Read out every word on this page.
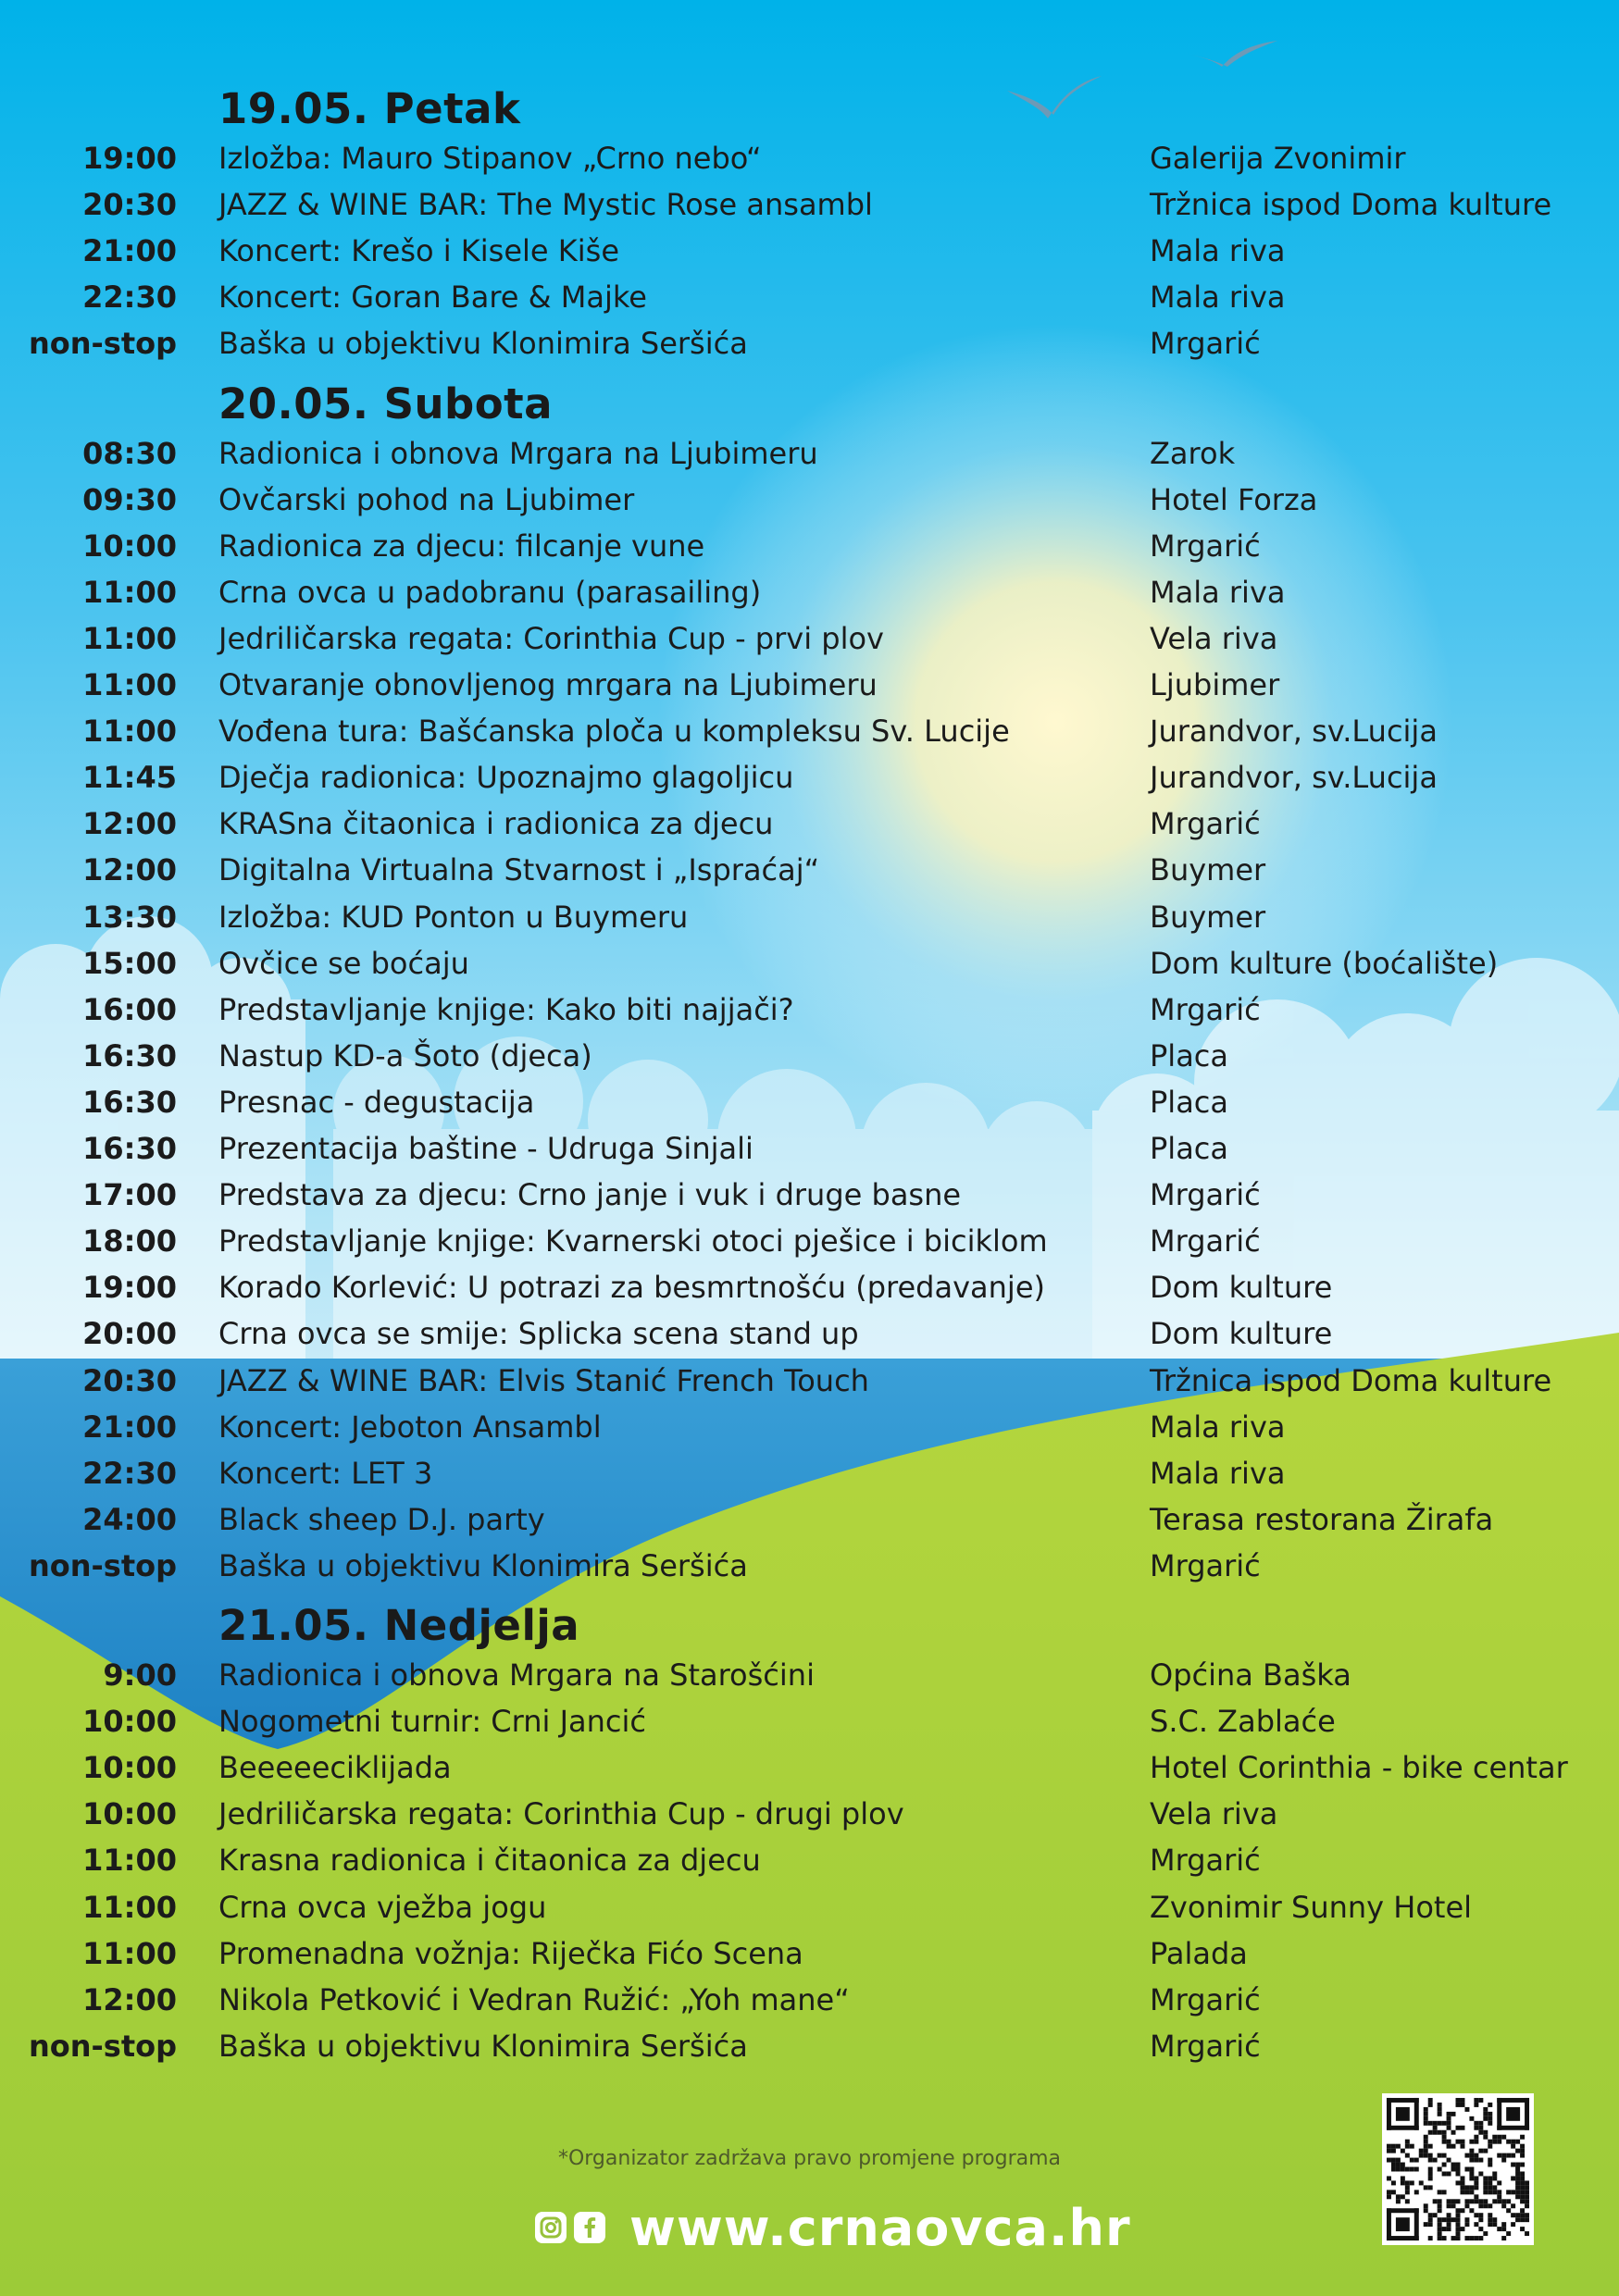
19.05. Petak
19:00 Izložba: Mauro Stipanov „Crno nebo“	Galerija Zvonimir
20:30 JAZZ & WINE BAR: The Mystic Rose ansambl	Tržnica ispod Doma kulture
21:00 Koncert: Krešo i Kisele Kiše	Mala riva
22:30 Koncert: Goran Bare & Majke	Mala riva
non-stop Baška u objektivu Klonimira Seršića	Mrgarić
20.05. Subota
08:30 Radionica i obnova Mrgara na Ljubimeru	Zarok
09:30 Ovčarski pohod na Ljubimer	Hotel Forza
10:00 Radionica za djecu: filcanje vune	Mrgarić
11:00 Crna ovca u padobranu (parasailing)	Mala riva
11:00 Jedriličarska regata: Corinthia Cup - prvi plov	Vela riva
11:00 Otvaranje obnovljenog mrgara na Ljubimeru	Ljubimer
11:00 Vođena tura: Bašćanska ploča u kompleksu Sv. Lucije	Jurandvor, sv.Lucija
11:45 Dječja radionica: Upoznajmo glagoljicu	Jurandvor, sv.Lucija
12:00 KRASna čitaonica i radionica za djecu	Mrgarić
12:00 Digitalna Virtualna Stvarnost i „Ispraćaj“	Buymer
13:30 Izložba: KUD Ponton u Buymeru	Buymer
15:00 Ovčice se boćaju	Dom kulture (boćalište)
16:00 Predstavljanje knjige: Kako biti najjači?	Mrgarić
16:30 Nastup KD-a Šoto (djeca)	Placa
16:30 Presnac - degustacija	Placa
16:30 Prezentacija baštine - Udruga Sinjali	Placa
17:00 Predstava za djecu: Crno janje i vuk i druge basne	Mrgarić
18:00 Predstavljanje knjige: Kvarnerski otoci pješice i biciklom	Mrgarić
19:00 Korado Korlević: U potrazi za besmrtnošću (predavanje)	Dom kulture
20:00 Crna ovca se smije: Splicka scena stand up	Dom kulture
20:30 JAZZ & WINE BAR: Elvis Stanić French Touch	Tržnica ispod Doma kulture
21:00 Koncert: Jeboton Ansambl	Mala riva
22:30 Koncert: LET 3	Mala riva
24:00 Black sheep D.J. party	Terasa restorana Žirafa
non-stop Baška u objektivu Klonimira Seršića	Mrgarić
21.05. Nedjelja
9:00 Radionica i obnova Mrgara na Starošćini	Općina Baška
10:00 Nogometni turnir: Crni Jancić	S.C. Zablaće
10:00 Beeeeeciklijada	Hotel Corinthia - bike centar
10:00 Jedriličarska regata: Corinthia Cup - drugi plov	Vela riva
11:00 Krasna radionica i čitaonica za djecu	Mrgarić
11:00 Crna ovca vježba jogu	Zvonimir Sunny Hotel
11:00 Promenadna vožnja: Riječka Fićo Scena	Palada
12:00 Nikola Petković i Vedran Ružić: „Yoh mane“	Mrgarić
non-stop Baška u objektivu Klonimira Seršića	Mrgarić
*Organizator zadržava pravo promjene programa
www.crnaovca.hr
